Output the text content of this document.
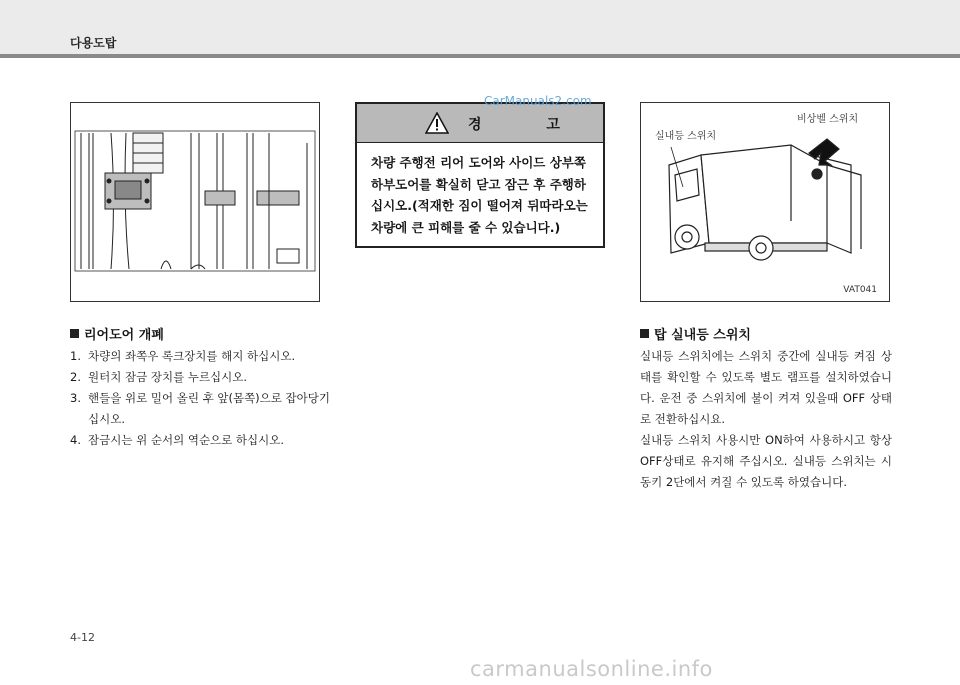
다용도탑
경 고
차량 주행전 리어 도어와 사이드 상부쪽하부도어를 확실히 닫고 잠근 후 주행하십시오.(적재한 짐이 떨어져 뒤따라오는 차량에 큰 피해를 줄 수 있습니다.)
CarManuals2.com
실내등 스위치
비상벨 스위치
VAT041
리어도어 개폐
1. 차량의 좌쪽우 록크장치를 해지 하십시오.
2. 원터치 잠금 장치를 누르십시오.
3. 핸들을 위로 밀어 올린 후 앞(몸쪽)으로 잡아당기십시오.
4. 잠금시는 위 순서의 역순으로 하십시오.
탑 실내등 스위치
실내등 스위치에는 스위치 중간에 실내등 켜짐 상태를 확인할 수 있도록 별도 램프를 설치하였습니다. 운전 중 스위치에 불이 켜져 있을때 OFF 상태로 전환하십시요.
실내등 스위치 사용시만 ON하여 사용하시고 항상 OFF상태로 유지해 주십시오. 실내등 스위치는 시동키 2단에서 켜질 수 있도록 하였습니다.
4-12
carmanualsonline.info
